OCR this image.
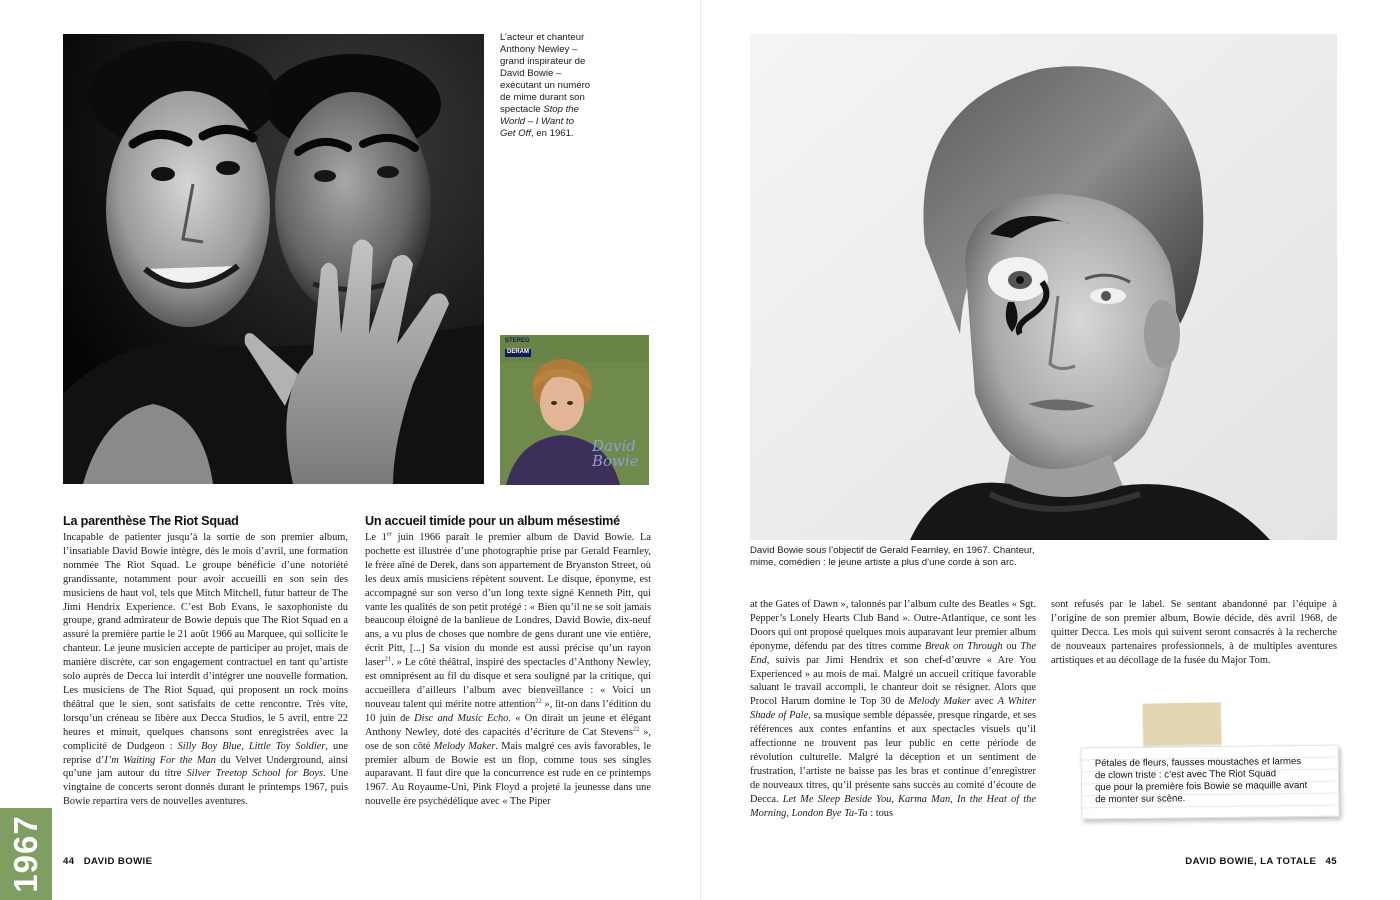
L’acteur et chanteur Anthony Newley – grand inspirateur de David Bowie – exécutant un numéro de mime durant son spectacle Stop the World – I Want to Get Off, en 1961.
STEREO
DERAM
David Bowie
La parenthèse The Riot Squad
Incapable de patienter jusqu’à la sortie de son premier album, l’insatiable David Bowie intègre, dès le mois d’avril, une formation nommée The Riot Squad. Le groupe bénéficie d’une notoriété grandissante, notamment pour avoir accueilli en son sein des musiciens de haut vol, tels que Mitch Mitchell, futur batteur de The Jimi Hendrix Experience. C’est Bob Evans, le saxophoniste du groupe, grand admirateur de Bowie depuis que The Riot Squad en a assuré la première partie le 21 août 1966 au Marquee, qui sollicite le chanteur. Le jeune musicien accepte de participer au projet, mais de manière discrète, car son engagement contractuel en tant qu’artiste solo auprès de Decca lui interdit d’intégrer une nouvelle formation. Les musiciens de The Riot Squad, qui proposent un rock moins théâtral que le sien, sont satisfaits de cette rencontre. Très vite, lorsqu’un créneau se libère aux Decca Studios, le 5 avril, entre 22 heures et minuit, quelques chansons sont enregistrées avec la complicité de Dudgeon : Silly Boy Blue, Little Toy Soldier, une reprise d’I’m Waiting For the Man du Velvet Underground, ainsi qu’une jam autour du titre Silver Treetop School for Boys. Une vingtaine de concerts seront donnés durant le printemps 1967, puis Bowie repartira vers de nouvelles aventures.
Un accueil timide pour un album mésestimé
Le 1er juin 1966 paraît le premier album de David Bowie. La pochette est illustrée d’une photographie prise par Gerald Fearnley, le frère aîné de Derek, dans son appartement de Bryanston Street, où les deux amis musiciens répètent souvent. Le disque, éponyme, est accompagné sur son verso d’un long texte signé Kenneth Pitt, qui vante les qualités de son petit protégé : « Bien qu’il ne se soit jamais beaucoup éloigné de la banlieue de Londres, David Bowie, dix-neuf ans, a vu plus de choses que nombre de gens durant une vie entière, écrit Pitt, [...] Sa vision du monde est aussi précise qu’un rayon laser$^{21}$. » Le côté théâtral, inspiré des spectacles d’Anthony Newley, est omniprésent au fil du disque et sera souligné par la critique, qui accueillera d’ailleurs l’album avec bienveillance : « Voici un nouveau talent qui mérite notre attention$^{22}$ », lit-on dans l’édition du 10 juin de Disc and Music Echo. « On dirait un jeune et élégant Anthony Newley, doté des capacités d’écriture de Cat Stevens$^{22}$ », ose de son côté Melody Maker. Mais malgré ces avis favorables, le premier album de Bowie est un flop, comme tous ses singles auparavant. Il faut dire que la concurrence est rude en ce printemps 1967. Au Royaume-Uni, Pink Floyd a projeté la jeunesse dans une nouvelle ère psychédélique avec « The Piper
1967 44 DAVID BOWIE
David Bowie sous l’objectif de Gerald Fearnley, en 1967. Chanteur, mime, comédien : le jeune artiste a plus d’une corde à son arc.
at the Gates of Dawn », talonnés par l’album culte des Beatles « Sgt. Pepper’s Lonely Hearts Club Band ». Outre-Atlantique, ce sont les Doors qui ont proposé quelques mois auparavant leur premier album éponyme, défendu par des titres comme Break on Through ou The End, suivis par Jimi Hendrix et son chef-d’œuvre « Are You Experienced » au mois de mai. Malgré un accueil critique favorable saluant le travail accompli, le chanteur doit se résigner. Alors que Procol Harum domine le Top 30 de Melody Maker avec A Whiter Shade of Pale, sa musique semble dépassée, presque ringarde, et ses références aux contes enfantins et aux spectacles visuels qu’il affectionne ne trouvent pas leur public en cette période de révolution culturelle. Malgré la déception et un sentiment de frustration, l’artiste ne baisse pas les bras et continue d’enregistrer de nouveaux titres, qu’il présente sans succès au comité d’écoute de Decca. Let Me Sleep Beside You, Karma Man, In the Heat of the Morning, London Bye Ta-Ta : tous
sont refusés par le label. Se sentant abandonné par l’équipe à l’origine de son premier album, Bowie décide, dès avril 1968, de quitter Decca. Les mois qui suivent seront consacrés à la recherche de nouveaux partenaires professionnels, à de multiples aventures artistiques et au décollage de la fusée du Major Tom.
Pétales de fleurs, fausses moustaches et larmes
de clown triste : c’est avec The Riot Squad
que pour la première fois Bowie se maquille avant
de monter sur scène.
DAVID BOWIE, LA TOTALE 45
